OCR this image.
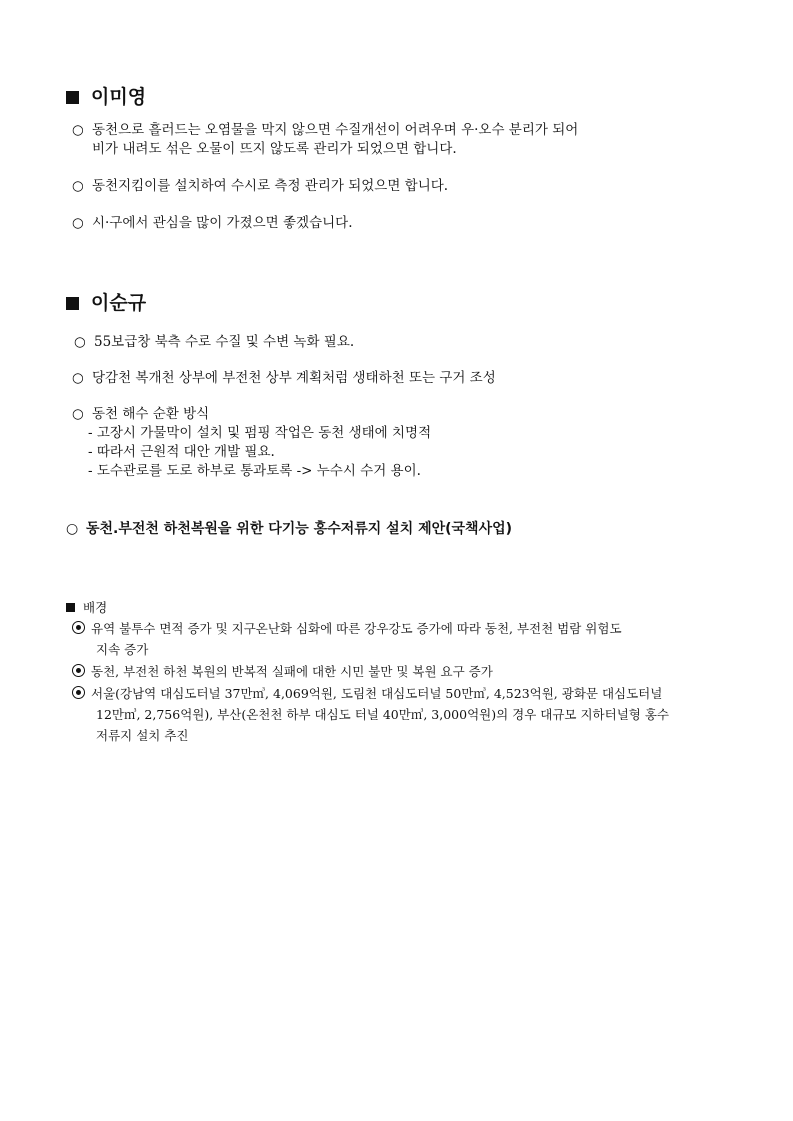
이미영
○ 동천으로 흘러드는 오염물을 막지 않으면 수질개선이 어려우며 우·오수 분리가 되어
비가 내려도 섞은 오물이 뜨지 않도록 관리가 되었으면 합니다.
○ 동천지킴이를 설치하여 수시로 측정 관리가 되었으면 합니다.
○ 시·구에서 관심을 많이 가졌으면 좋겠습니다.
이순규
○ 55보급창 북측 수로 수질 및 수변 녹화 필요.
○ 당감천 복개천 상부에 부전천 상부 계획처럼 생태하천 또는 구거 조성
○ 동천 해수 순환 방식
- 고장시 가물막이 설치 및 펌핑 작업은 동천 생태에 치명적
- 따라서 근원적 대안 개발 필요.
- 도수관로를 도로 하부로 통과토록 -> 누수시 수거 용이.
○ 동천.부전천 하천복원을 위한 다기능 홍수저류지 설치 제안(국책사업)
배경
유역 불투수 면적 증가 및 지구온난화 심화에 따른 강우강도 증가에 따라 동천, 부전천 범람 위험도
지속 증가
동천, 부전천 하천 복원의 반복적 실패에 대한 시민 불만 및 복원 요구 증가
서울(강남역 대심도터널 37만㎥, 4,069억원, 도림천 대심도터널 50만㎥, 4,523억원, 광화문 대심도터널
12만㎥, 2,756억원), 부산(온천천 하부 대심도 터널 40만㎥, 3,000억원)의 경우 대규모 지하터널형 홍수
저류지 설치 추진
